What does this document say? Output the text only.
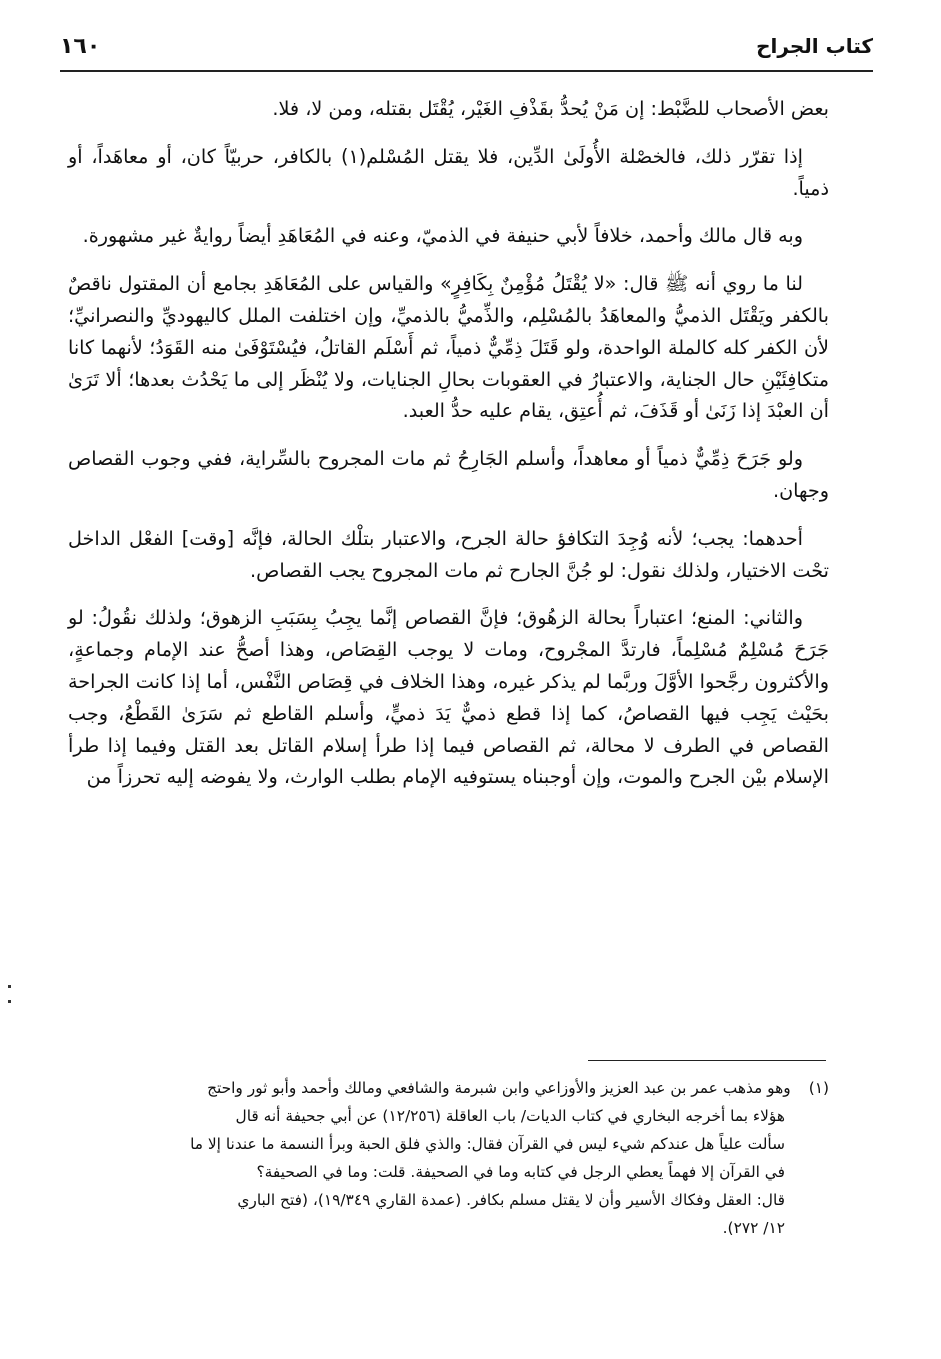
١٦٠	كتاب الجراح

بعض الأصحاب للضَّبْط: إن مَنْ يُحدُّ بقَذْفِ الغَيْر، يُقْتَل بقتله، ومن لا، فلا.

إذا تقرّر ذلك، فالخصْلة الأُولَىٰ الدِّين، فلا يقتل المُسْلم(١) بالكافر، حربيّاً كان، أو معاهَداً، أو ذمياً.

وبه قال مالك وأحمد، خلافاً لأبي حنيفة في الذميّ، وعنه في المُعَاهَدِ أيضاً روايةٌ غير مشهورة.

لنا ما روي أنه ﷺ قال: «لا يُقْتَلُ مُؤْمِنٌ بِكَافِرٍ» والقياس على المُعَاهَدِ بجامع أن المقتول ناقصٌ بالكفر ويَقْتَل الذميُّ والمعاهَدُ بالمُسْلِم، والذِّميُّ بالذميِّ، وإن اختلفت الملل كاليهوديِّ والنصرانيِّ؛ لأن الكفر كله كالملة الواحدة، ولو قَتَلَ ذِمِّيٌّ ذمياً، ثم أَسْلَم القاتلُ، فيُسْتَوْفَىٰ منه القَوَدُ؛ لأنهما كانا متكافِئَيْنِ حال الجناية، والاعتبارُ في العقوبات بحالِ الجنايات، ولا يُنْظَر إلى ما يَحْدُث بعدها؛ ألا تَرَىٰ أن العبْدَ إذا زَنَىٰ أو قَذَفَ، ثم أُعتِق، يقام عليه حدُّ العبد.

ولو جَرَحَ ذِمِّيٌّ ذمياً أو معاهداً، وأسلم الجَارِحُ ثم مات المجروح بالسِّراية، ففي وجوب القصاص وجهان.

أحدهما: يجب؛ لأنه وُجِدَ التكافؤ حالة الجرح، والاعتبار بتلْك الحالة، فإنَّه [وقت] الفعْل الداخل تحْت الاختيار، ولذلك نقول: لو جُنَّ الجارح ثم مات المجروح يجب القصاص.

والثاني: المنع؛ اعتباراً بحالة الزهُوق؛ فإنَّ القصاص إنَّما يجِبُ بِسَبَبِ الزهوق؛ ولذلك نقُولُ: لو جَرَحَ مُسْلِمٌ مُسْلِماً، فارتدَّ المجْروح، ومات لا يوجب القِصَاص، وهذا أصحُّ عند الإمام وجماعةٍ، والأكثرون رجَّحوا الأوَّلَ وربَّما لم يذكر غيره، وهذا الخلاف في قِصَاص النَّفْس، أما إذا كانت الجراحة بحَيْث يَجِب فيها القصاصُ، كما إذا قطع ذميٌّ يَدَ ذميٍّ، وأسلم القاطع ثم سَرَىٰ القَطْعُ، وجب القصاص في الطرف لا محالة، ثم القصاص فيما إذا طرأ إسلام القاتل بعد القتل وفيما إذا طرأ الإسلام بيْن الجرح والموت، وإن أوجبناه يستوفيه الإمام بطلب الوارث، ولا يفوضه إليه تحرزاً من

(١)وهو مذهب عمر بن عبد العزيز والأوزاعي وابن شبرمة والشافعي ومالك وأحمد وأبو ثور واحتج
هؤلاء بما أخرجه البخاري في كتاب الديات/ باب العاقلة (١٢/٢٥٦) عن أبي جحيفة أنه قال
سألت علياً هل عندكم شيء ليس في القرآن فقال: والذي فلق الحبة وبرأ النسمة ما عندنا إلا ما
في القرآن إلا فهماً يعطي الرجل في كتابه وما في الصحيفة. قلت: وما في الصحيفة؟
قال: العقل وفكاك الأسير وأن لا يقتل مسلم بكافر. (عمدة القاري ١٩/٣٤٩)، (فتح الباري
١٢/ ٢٧٢).
